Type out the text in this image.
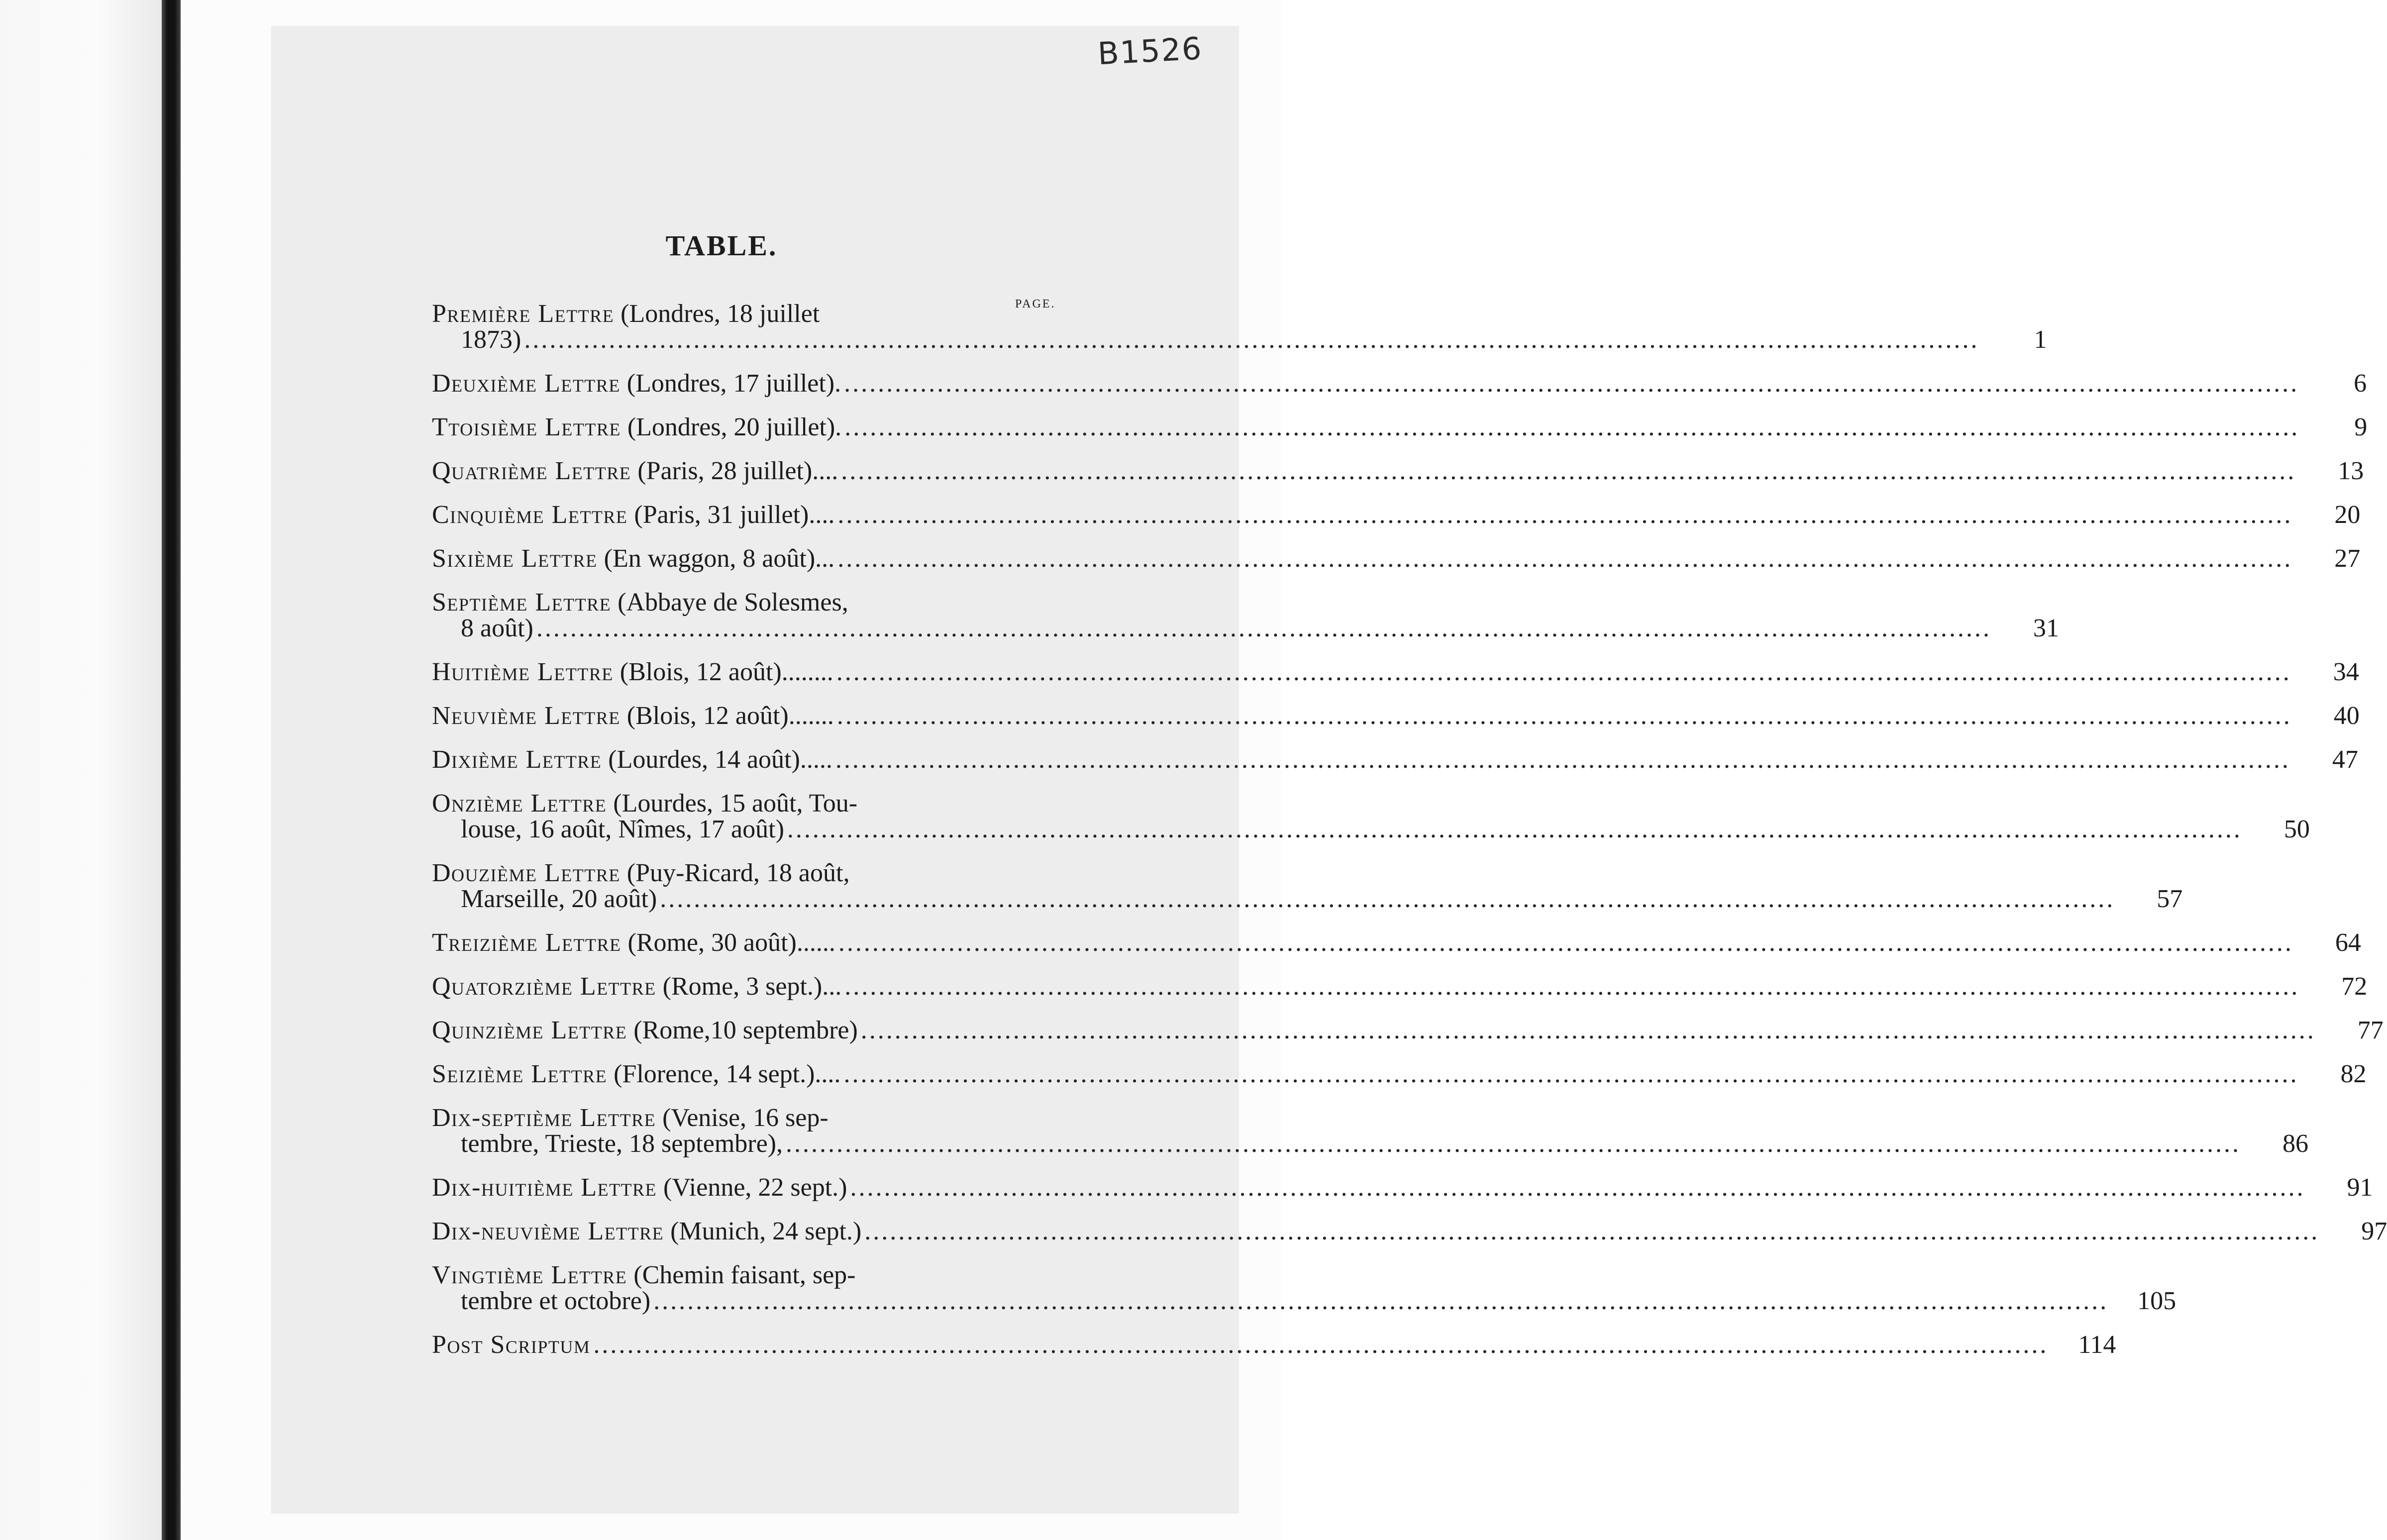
B1526
TABLE.
PAGE.
Première Lettre (Londres, 18 juillet
1873) ............................................................................................................................................................................	1
Deuxième Lettre (Londres, 17 juillet). ............................................................................................................................................................................	6
Ttoisième Lettre (Londres, 20 juillet). ............................................................................................................................................................................	9
Quatrième Lettre (Paris, 28 juillet).... ............................................................................................................................................................................	13
Cinquième Lettre (Paris, 31 juillet).... ............................................................................................................................................................................	20
Sixième Lettre (En waggon, 8 août)... ............................................................................................................................................................................	27
Septième Lettre (Abbaye de Solesmes,
8 août) ............................................................................................................................................................................	31
Huitième Lettre (Blois, 12 août)........ ............................................................................................................................................................................	34
Neuvième Lettre (Blois, 12 août)....... ............................................................................................................................................................................	40
Dixième Lettre (Lourdes, 14 août)..... ............................................................................................................................................................................	47
Onzième Lettre (Lourdes, 15 août, Tou-
louse, 16 août, Nîmes, 17 août) ............................................................................................................................................................................	50
Douzième Lettre (Puy-Ricard, 18 août,
Marseille, 20 août) ............................................................................................................................................................................	57
Treizième Lettre (Rome, 30 août)...... ............................................................................................................................................................................	64
Quatorzième Lettre (Rome, 3 sept.)... ............................................................................................................................................................................	72
Quinzième Lettre (Rome,10 septembre) ............................................................................................................................................................................	77
Seizième Lettre (Florence, 14 sept.).... ............................................................................................................................................................................	82
Dix-septième Lettre (Venise, 16 sep-
tembre, Trieste, 18 septembre), ............................................................................................................................................................................	86
Dix-huitième Lettre (Vienne, 22 sept.) ............................................................................................................................................................................	91
Dix-neuvième Lettre (Munich, 24 sept.) ............................................................................................................................................................................	97
Vingtième Lettre (Chemin faisant, sep-
tembre et octobre) ............................................................................................................................................................................	105
Post Scriptum ............................................................................................................................................................................	114
